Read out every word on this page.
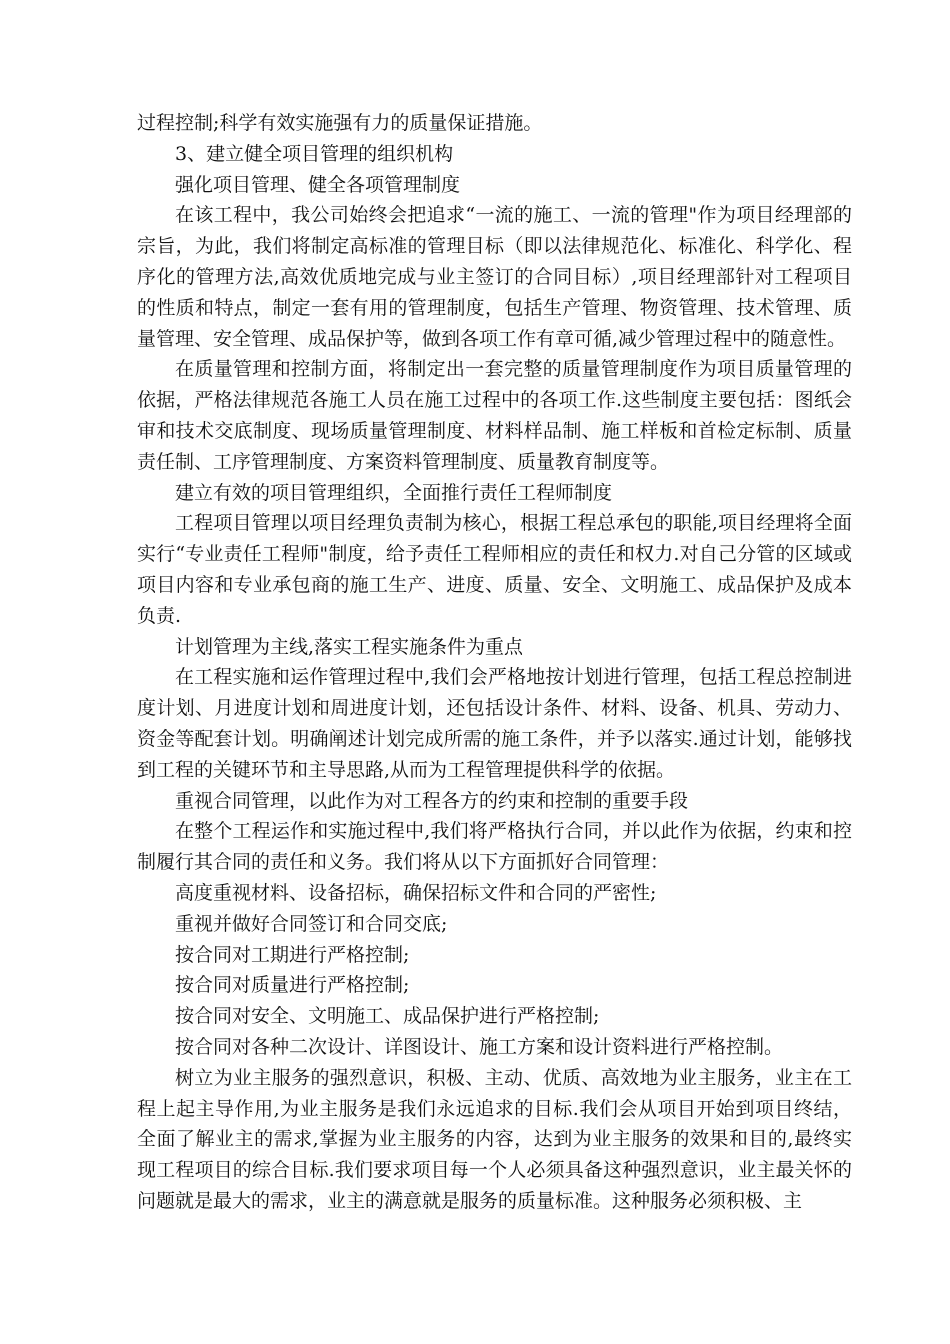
过程控制;科学有效实施强有力的质量保证措施。

3、建立健全项目管理的组织机构

强化项目管理、健全各项管理制度

在该工程中，我公司始终会把追求“一流的施工、一流的管理"作为项目经理部的宗旨，为此，我们将制定高标准的管理目标（即以法律规范化、标准化、科学化、程序化的管理方法,高效优质地完成与业主签订的合同目标）,项目经理部针对工程项目的性质和特点，制定一套有用的管理制度，包括生产管理、物资管理、技术管理、质量管理、安全管理、成品保护等，做到各项工作有章可循,减少管理过程中的随意性。

在质量管理和控制方面，将制定出一套完整的质量管理制度作为项目质量管理的依据，严格法律规范各施工人员在施工过程中的各项工作.这些制度主要包括：图纸会审和技术交底制度、现场质量管理制度、材料样品制、施工样板和首检定标制、质量责任制、工序管理制度、方案资料管理制度、质量教育制度等。

建立有效的项目管理组织，全面推行责任工程师制度

工程项目管理以项目经理负责制为核心，根据工程总承包的职能,项目经理将全面实行“专业责任工程师"制度，给予责任工程师相应的责任和权力.对自己分管的区域或项目内容和专业承包商的施工生产、进度、质量、安全、文明施工、成品保护及成本负责.

计划管理为主线,落实工程实施条件为重点

在工程实施和运作管理过程中,我们会严格地按计划进行管理，包括工程总控制进度计划、月进度计划和周进度计划，还包括设计条件、材料、设备、机具、劳动力、资金等配套计划。明确阐述计划完成所需的施工条件，并予以落实.通过计划，能够找到工程的关键环节和主导思路,从而为工程管理提供科学的依据。

重视合同管理，以此作为对工程各方的约束和控制的重要手段

在整个工程运作和实施过程中,我们将严格执行合同，并以此作为依据，约束和控制履行其合同的责任和义务。我们将从以下方面抓好合同管理：

高度重视材料、设备招标，确保招标文件和合同的严密性;

重视并做好合同签订和合同交底;

按合同对工期进行严格控制;

按合同对质量进行严格控制;

按合同对安全、文明施工、成品保护进行严格控制;

按合同对各种二次设计、详图设计、施工方案和设计资料进行严格控制。

树立为业主服务的强烈意识，积极、主动、优质、高效地为业主服务，业主在工程上起主导作用,为业主服务是我们永远追求的目标.我们会从项目开始到项目终结，全面了解业主的需求,掌握为业主服务的内容，达到为业主服务的效果和目的,最终实现工程项目的综合目标.我们要求项目每一个人必须具备这种强烈意识，业主最关怀的问题就是最大的需求，业主的满意就是服务的质量标准。这种服务必须积极、主
